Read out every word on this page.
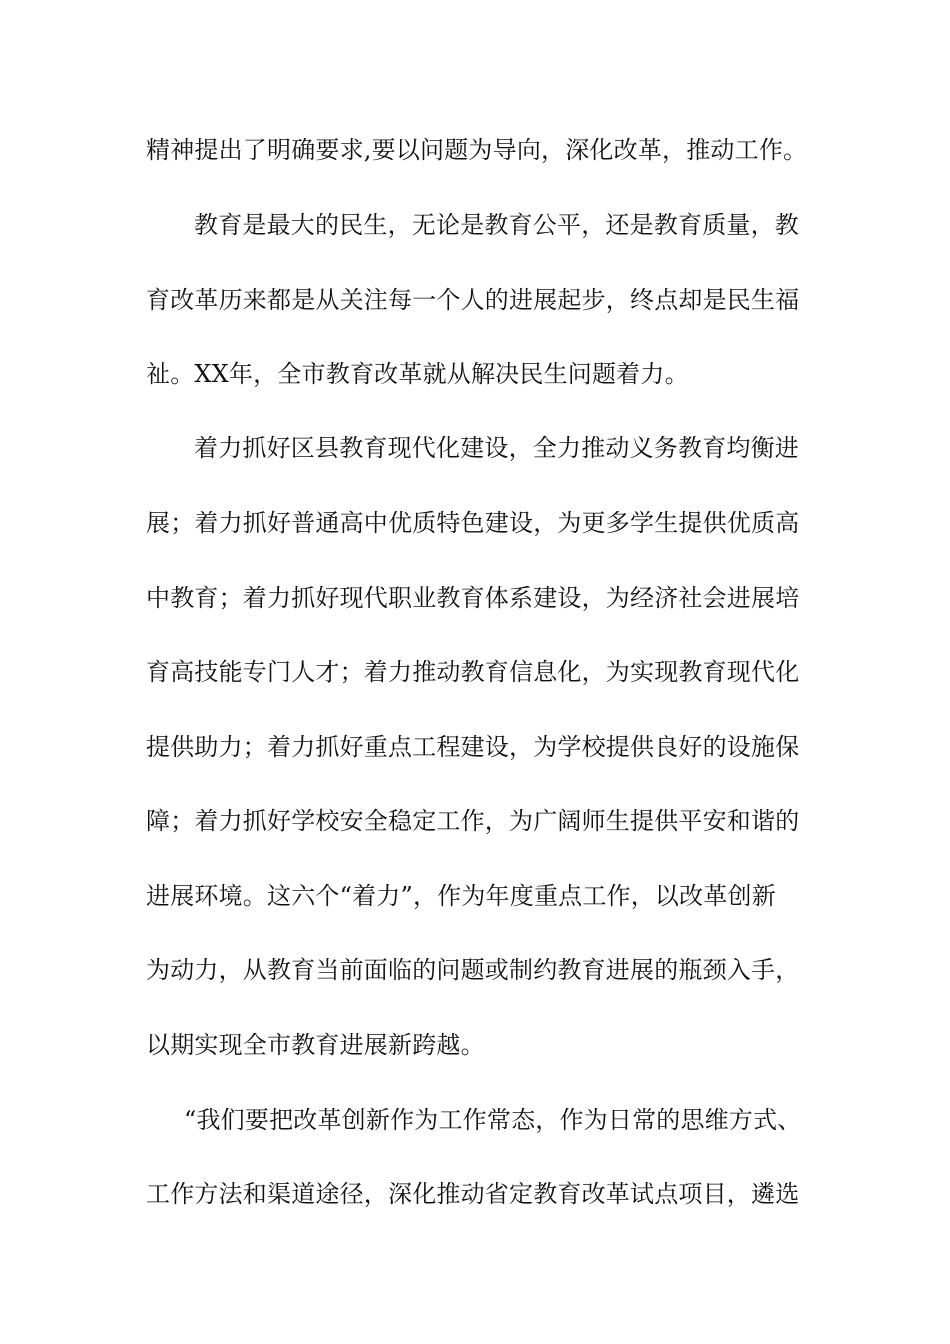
精神提出了明确要求,要以问题为导向，深化改革，推动工作。
教育是最大的民生，无论是教育公平，还是教育质量，教
育改革历来都是从关注每一个人的进展起步，终点却是民生福
祉。XX年，全市教育改革就从解决民生问题着力。
着力抓好区县教育现代化建设，全力推动义务教育均衡进
展；着力抓好普通高中优质特色建设，为更多学生提供优质高
中教育；着力抓好现代职业教育体系建设，为经济社会进展培
育高技能专门人才；着力推动教育信息化，为实现教育现代化
提供助力；着力抓好重点工程建设，为学校提供良好的设施保
障；着力抓好学校安全稳定工作，为广阔师生提供平安和谐的
进展环境。这六个“着力”，作为年度重点工作，以改革创新
为动力，从教育当前面临的问题或制约教育进展的瓶颈入手，
以期实现全市教育进展新跨越。
“我们要把改革创新作为工作常态，作为日常的思维方式、
工作方法和渠道途径，深化推动省定教育改革试点项目，遴选
